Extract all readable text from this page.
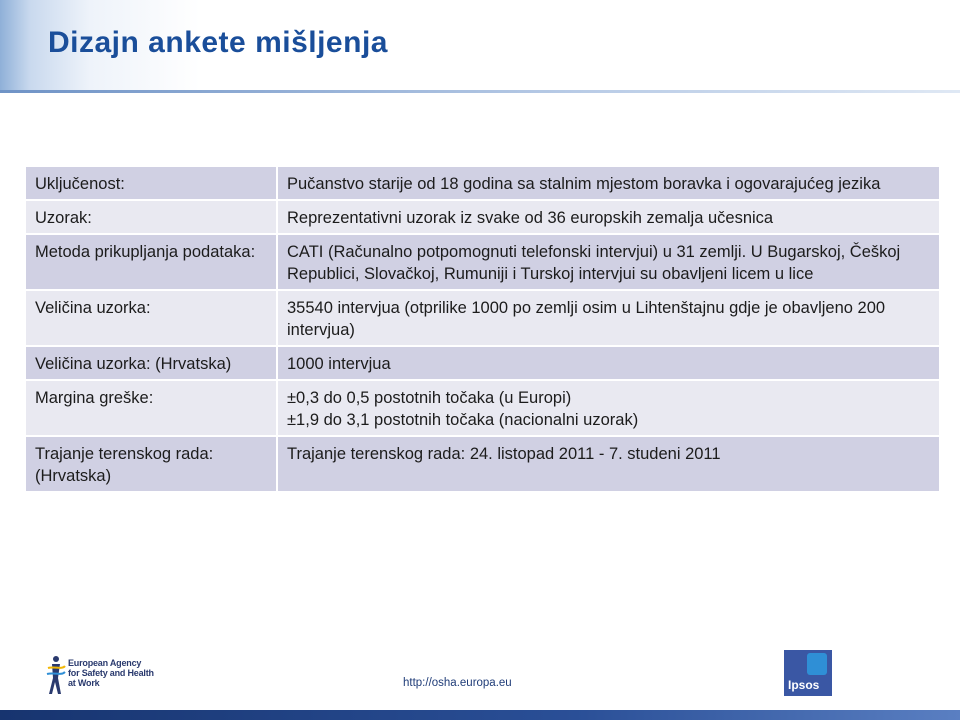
Dizajn ankete mišljenja
Uključenost:	Pučanstvo starije od 18 godina sa stalnim mjestom boravka i ogovarajućeg jezika

Uzorak:	Reprezentativni uzorak iz svake od 36 europskih zemalja učesnica

Metoda prikupljanja podataka:	CATI (Računalno potpomognuti telefonski intervjui) u 31 zemlji. U Bugarskoj, Češkoj Republici, Slovačkoj, Rumuniji i Turskoj intervjui su obavljeni licem u lice

Veličina uzorka:	35540 intervjua (otprilike 1000 po zemlji osim u Lihtenštajnu gdje je obavljeno 200 intervjua)

Veličina uzorka: (Hrvatska)	1000 intervjua

Margina greške:	±0,3 do 0,5 postotnih točaka (u Europi)
±1,9 do 3,1 postotnih točaka (nacionalni uzorak)

Trajanje terenskog rada: (Hrvatska)	Trajanje terenskog rada: 24. listopad 2011 - 7. studeni 2011
European Agency
for Safety and Health
at Work	http://osha.europa.eu	Ipsos
